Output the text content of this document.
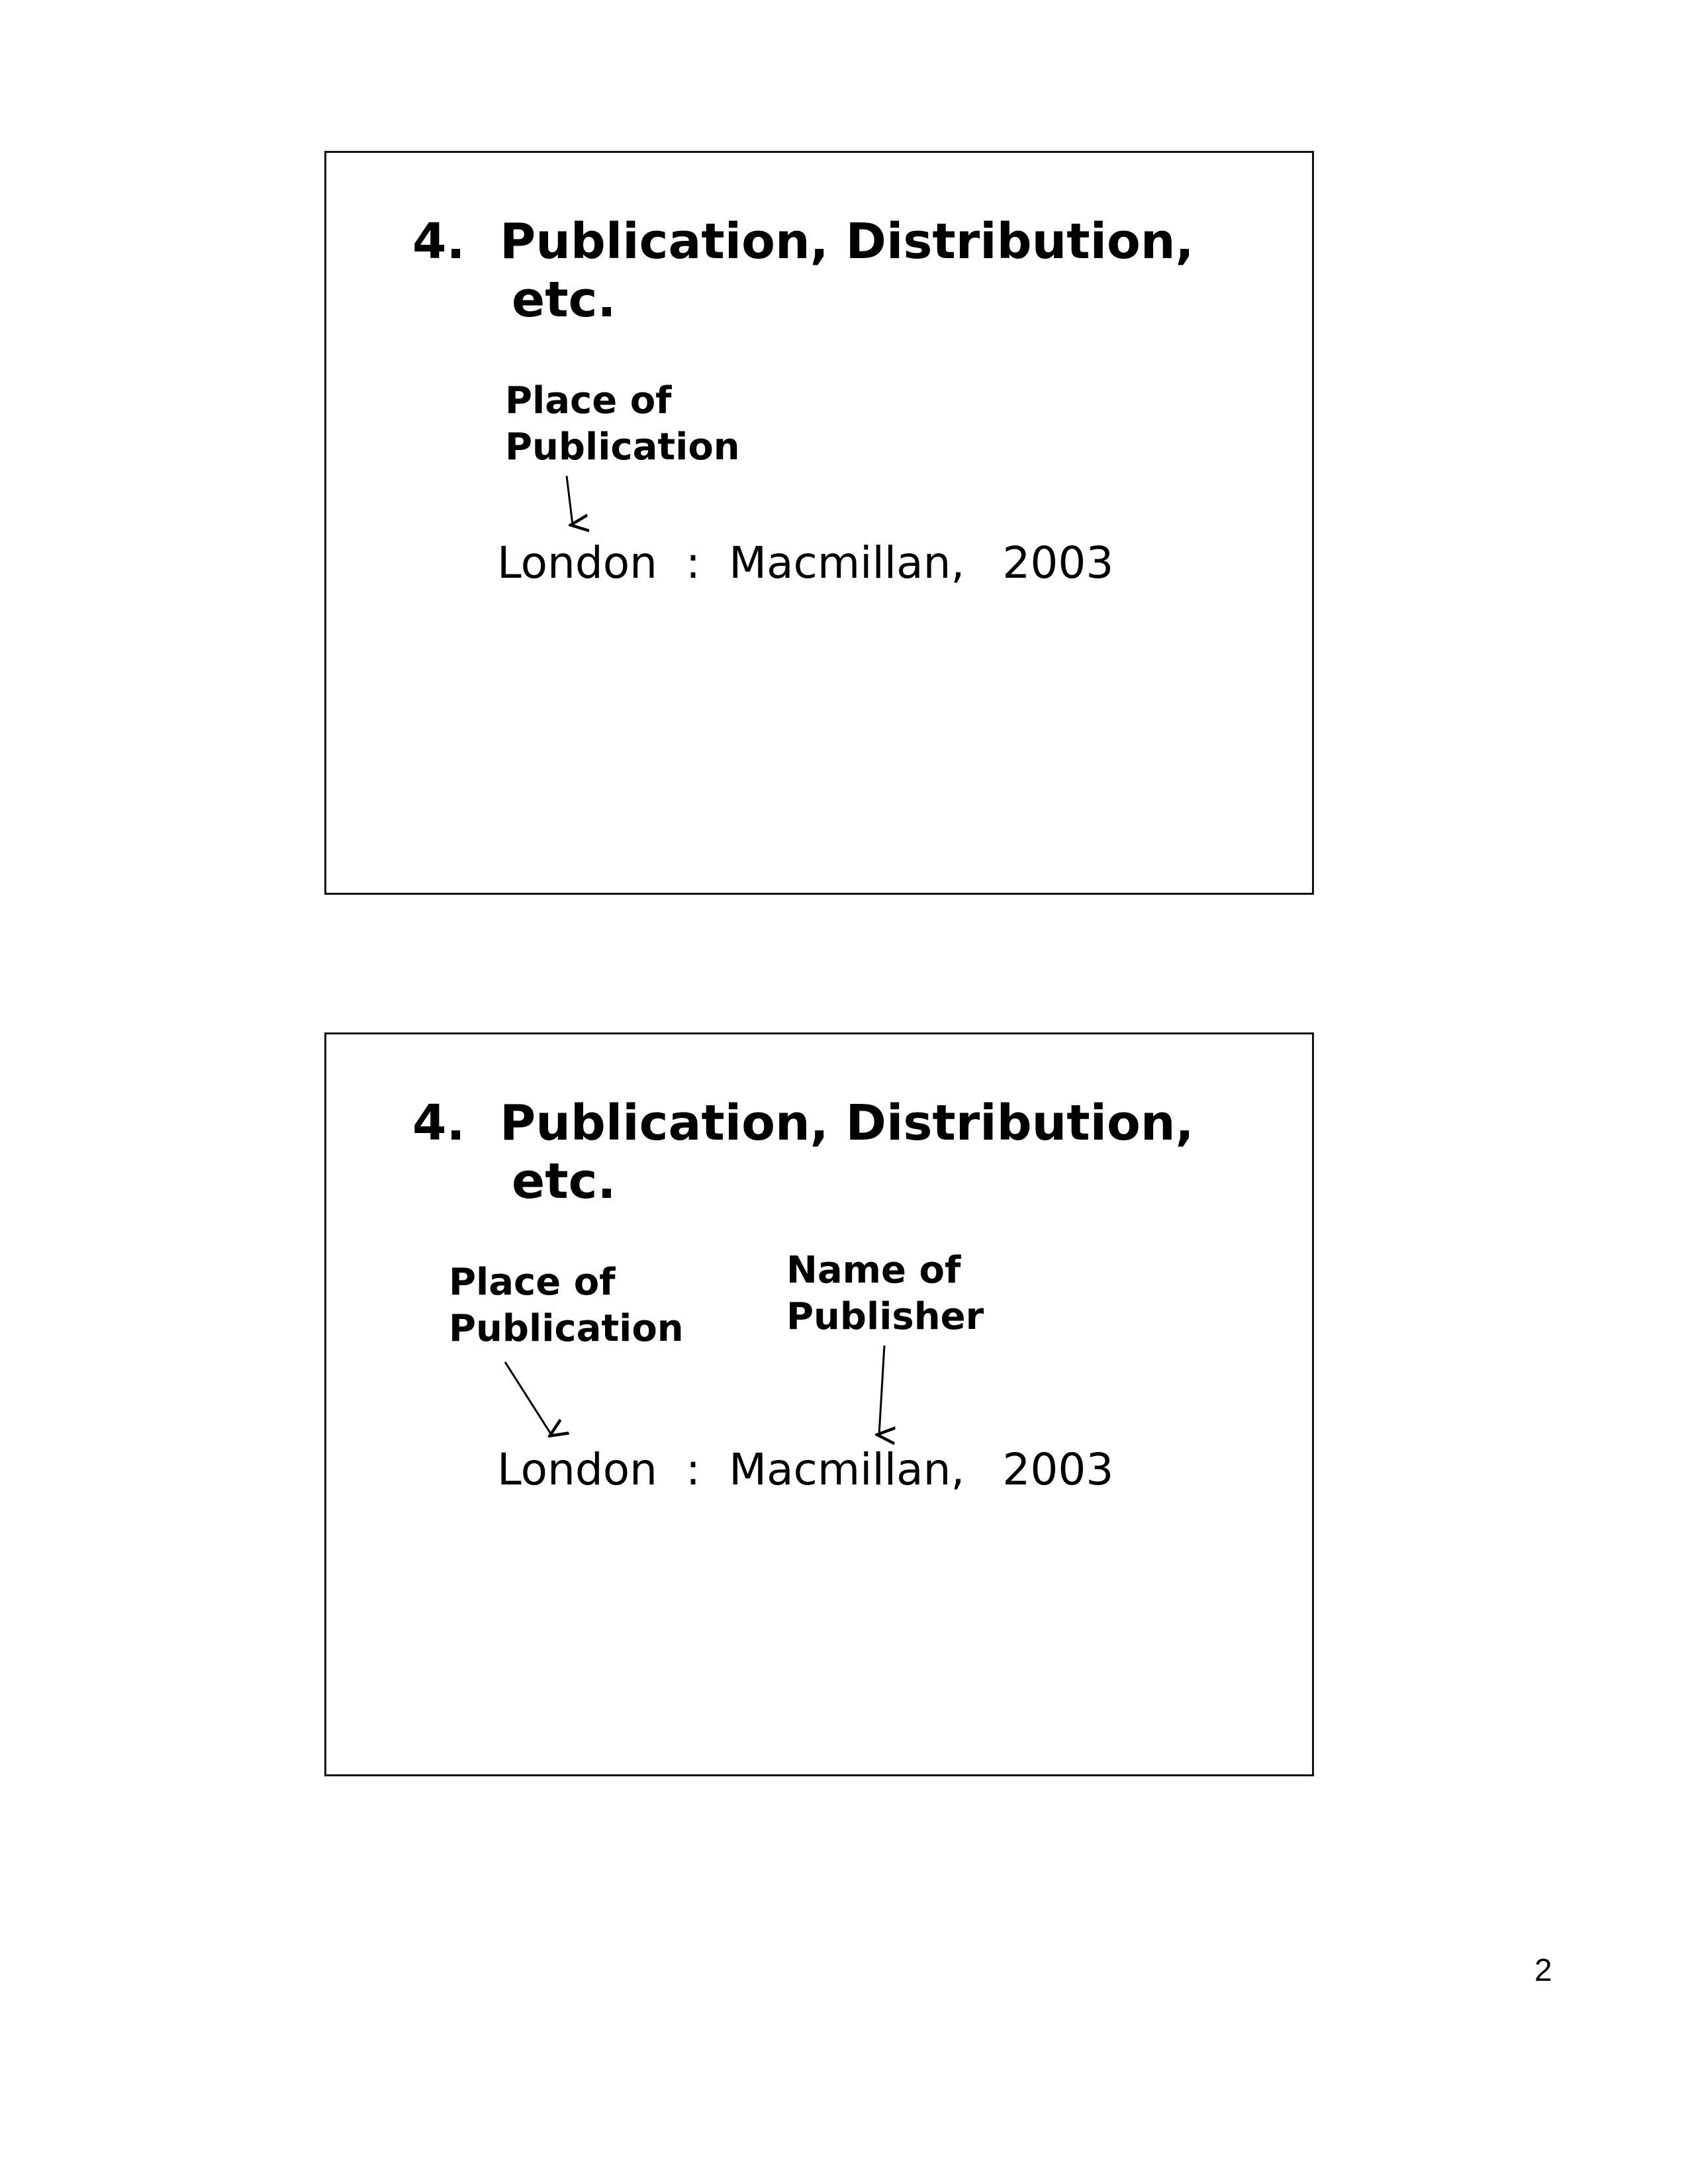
4. Publication, Distribution,
etc.
Place of
Publication
London : Macmillan, 2003
4. Publication, Distribution,
etc.
Place of
Publication
Name of
Publisher
London : Macmillan, 2003
2
